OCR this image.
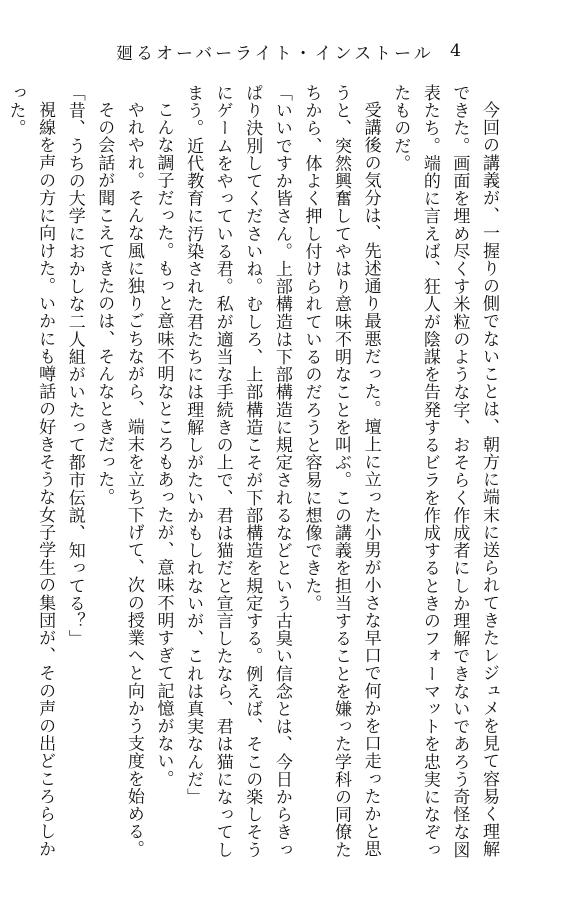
廻るオーバーライト・インストール 4

今回の講義が、一握りの側でないことは、朝方に端末に送られてきたレジュメを見て容易く理解できた。画面を埋め尽くす米粒のような字、おそらく作成者にしか理解できないであろう奇怪な図表たち。端的に言えば、狂人が陰謀を告発するビラを作成するときのフォーマットを忠実になぞったものだ。

受講後の気分は、先述通り最悪だった。壇上に立った小男が小さな早口で何かを口走ったかと思うと、突然興奮してやはり意味不明なことを叫ぶ。この講義を担当することを嫌った学科の同僚たちから、体よく押し付けられているのだろうと容易に想像できた。

「いいですか皆さん。上部構造は下部構造に規定されるなどという古臭い信念とは、今日からきっぱり決別してくださいね。むしろ、上部構造こそが下部構造を規定する。例えば、そこの楽しそうにゲームをやっている君。私が適当な手続きの上で、君は猫だと宣言したなら、君は猫になってしまう。近代教育に汚染された君たちには理解しがたいかもしれないが、これは真実なんだ」

こんな調子だった。もっと意味不明なところもあったが、意味不明すぎて記憶がない。

やれやれ。そんな風に独りごちながら、端末を立ち下げて、次の授業へと向かう支度を始める。

その会話が聞こえてきたのは、そんなときだった。

「昔、うちの大学におかしな二人組がいたって都市伝説、知ってる？」

視線を声の方に向けた。いかにも噂話の好きそうな女子学生の集団が、その声の出どころらしかった。
